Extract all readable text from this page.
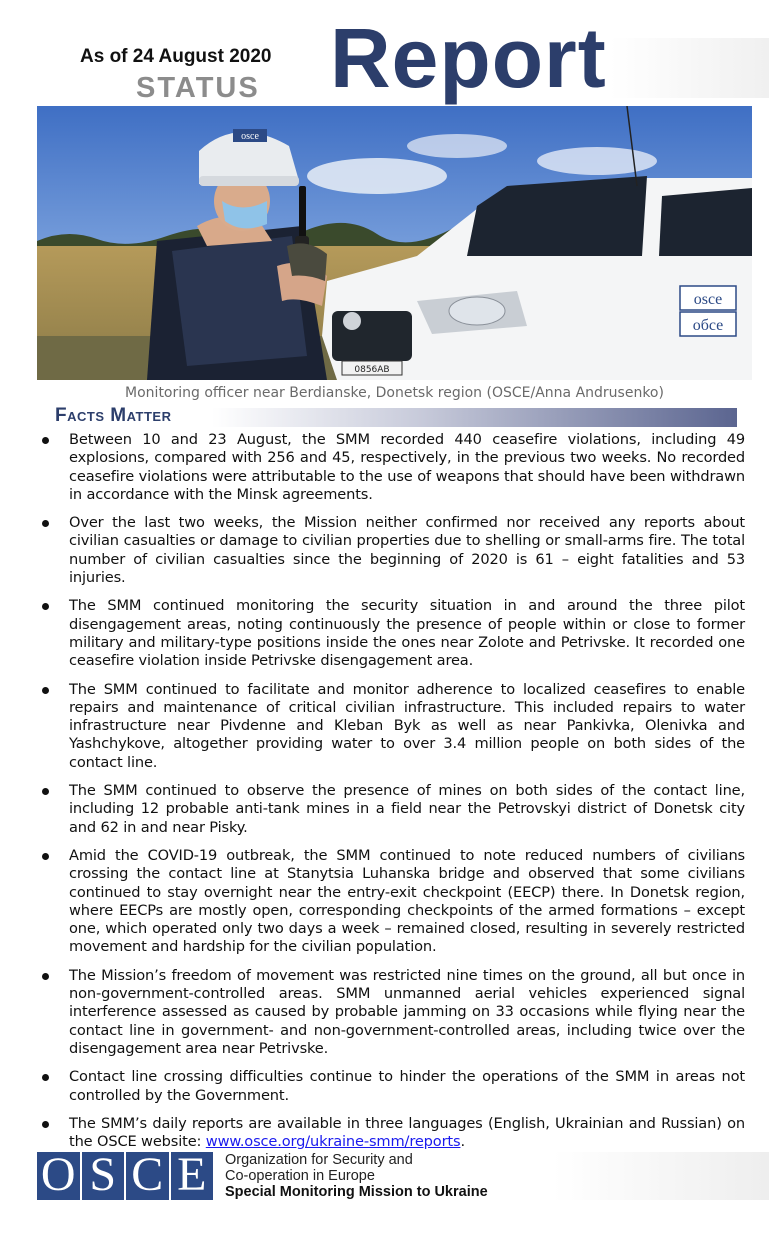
As of 24 August 2020
STATUS Report
0856AB
osce
обсе
osce
Monitoring officer near Berdianske, Donetsk region (OSCE/Anna Andrusenko)
Facts Matter
Between 10 and 23 August, the SMM recorded 440 ceasefire violations, including 49 explosions, compared with 256 and 45, respectively, in the previous two weeks. No recorded ceasefire violations were attributable to the use of weapons that should have been withdrawn in accordance with the Minsk agreements.
Over the last two weeks, the Mission neither confirmed nor received any reports about civilian casualties or damage to civilian properties due to shelling or small-arms fire. The total number of civilian casualties since the beginning of 2020 is 61 – eight fatalities and 53 injuries.
The SMM continued monitoring the security situation in and around the three pilot disengagement areas, noting continuously the presence of people within or close to former military and military-type positions inside the ones near Zolote and Petrivske. It recorded one ceasefire violation inside Petrivske disengagement area.
The SMM continued to facilitate and monitor adherence to localized ceasefires to enable repairs and maintenance of critical civilian infrastructure. This included repairs to water infrastructure near Pivdenne and Kleban Byk as well as near Pankivka, Olenivka and Yashchykove, altogether providing water to over 3.4 million people on both sides of the contact line.
The SMM continued to observe the presence of mines on both sides of the contact line, including 12 probable anti-tank mines in a field near the Petrovskyi district of Donetsk city and 62 in and near Pisky.
Amid the COVID-19 outbreak, the SMM continued to note reduced numbers of civilians crossing the contact line at Stanytsia Luhanska bridge and observed that some civilians continued to stay overnight near the entry-exit checkpoint (EECP) there. In Donetsk region, where EECPs are mostly open, corresponding checkpoints of the armed formations – except one, which operated only two days a week – remained closed, resulting in severely restricted movement and hardship for the civilian population.
The Mission’s freedom of movement was restricted nine times on the ground, all but once in non-government-controlled areas. SMM unmanned aerial vehicles experienced signal interference assessed as caused by probable jamming on 33 occasions while flying near the contact line in government- and non-government-controlled areas, including twice over the disengagement area near Petrivske.
Contact line crossing difficulties continue to hinder the operations of the SMM in areas not controlled by the Government.
The SMM’s daily reports are available in three languages (English, Ukrainian and Russian) on the OSCE website: www.osce.org/ukraine-smm/reports.
O S C E	Organization for Security and
Co-operation in Europe
Special Monitoring Mission to Ukraine
